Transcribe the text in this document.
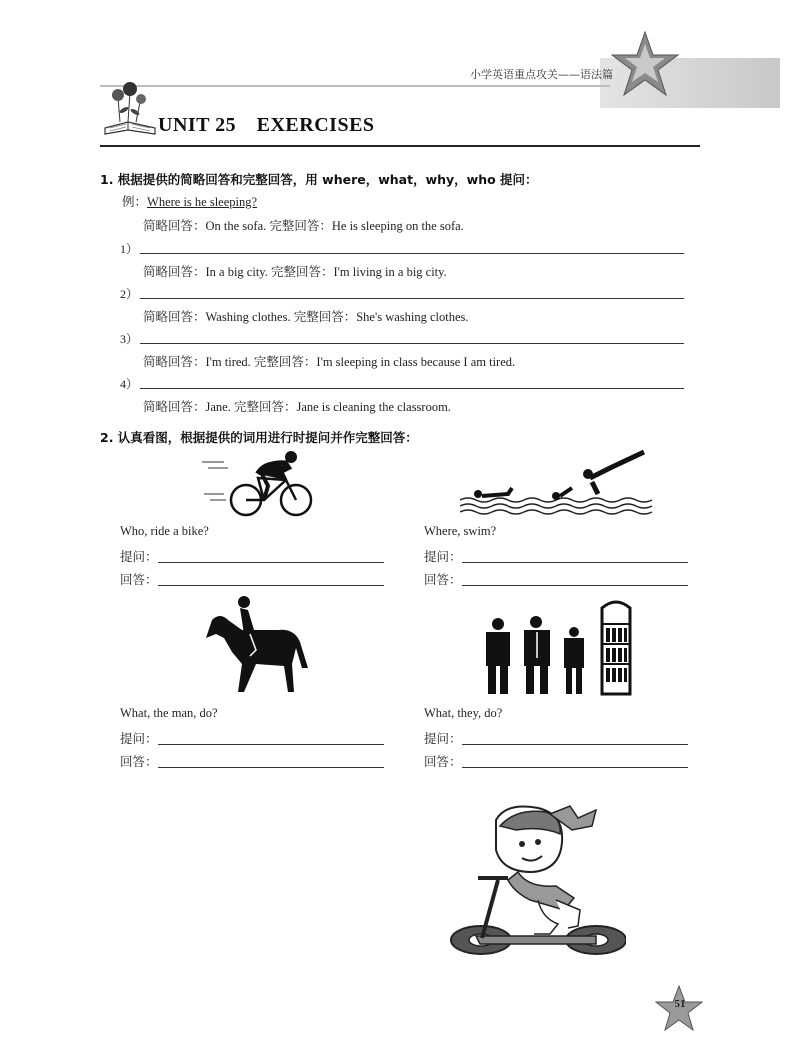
小学英语重点攻关——语法篇
UNIT 25　EXERCISES
1. 根据提供的简略回答和完整回答，用 where，what，why，who 提问：
例：Where is he sleeping?
简略回答：On the sofa. 完整回答：He is sleeping on the sofa.
1）
简略回答：In a big city. 完整回答：I'm living in a big city.
2）
简略回答：Washing clothes. 完整回答：She's washing clothes.
3）
简略回答：I'm tired. 完整回答：I'm sleeping in class because I am tired.
4）
简略回答：Jane. 完整回答：Jane is cleaning the classroom.
2. 认真看图，根据提供的词用进行时提问并作完整回答：
Who, ride a bike?
提问：
回答：
Where, swim?
提问：
回答：
What, the man, do?
提问：
回答：
What, they, do?
提问：
回答：
51
